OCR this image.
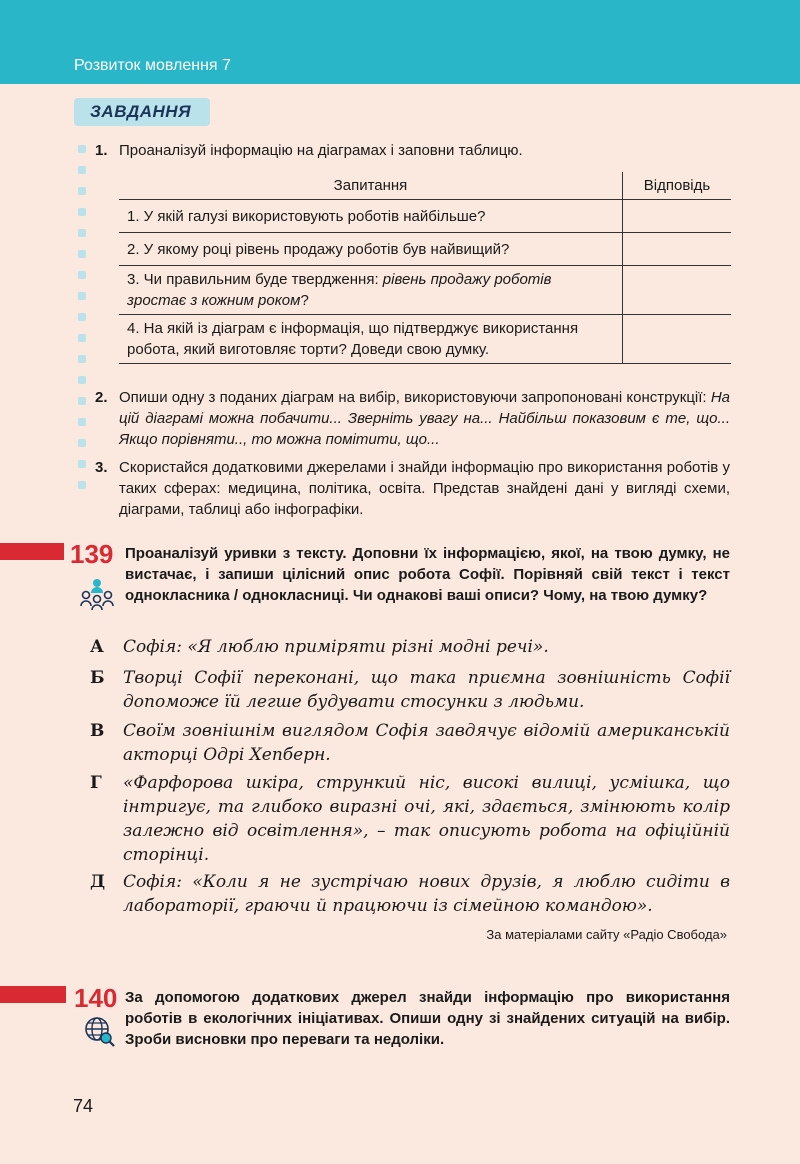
Розвиток мовлення 7
ЗАВДАННЯ
1. Проаналізуй інформацію на діаграмах і заповни таблицю.
Запитання	Відповідь
1. У якій галузі використовують роботів найбільше?	
2. У якому році рівень продажу роботів був найвищий?	
3. Чи правильним буде твердження: рівень продажу роботів зростає з кожним роком?	
4. На якій із діаграм є інформація, що підтверджує використання робота, який виготовляє торти? Доведи свою думку.	
2. Опиши одну з поданих діаграм на вибір, використовуючи запропоновані конструкції: На цій діаграмі можна побачити... Зверніть увагу на... Найбільш показовим є те, що... Якщо порівняти.., то можна помітити, що...
3. Скористайся додатковими джерелами і знайди інформацію про використання роботів у таких сферах: медицина, політика, освіта. Представ знайдені дані у вигляді схеми, діаграми, таблиці або інфографіки.
139 Проаналізуй уривки з тексту. Доповни їх інформацією, якої, на твою думку, не вистачає, і запиши цілісний опис робота Софії. Порівняй свій текст і текст однокласника / однокласниці. Чи однакові ваші описи? Чому, на твою думку?
А Софія: «Я люблю приміряти різні модні речі».
Б Творці Софії переконані, що така приємна зовнішність Софії допоможе їй легше будувати стосунки з людьми.
В Своїм зовнішнім виглядом Софія завдячує відомій американській акторці Одрі Хепберн.
Г «Фарфорова шкіра, стрункий ніс, високі вилиці, усмішка, що інтригує, та глибоко виразні очі, які, здається, змінюють колір залежно від освітлення», – так описують робота на офіційній сторінці.
Д Софія: «Коли я не зустрічаю нових друзів, я люблю сидіти в лабораторії, граючи й працюючи із сімейною командою».
За матеріалами сайту «Радіо Свобода»
140 За допомогою додаткових джерел знайди інформацію про використання роботів в екологічних ініціативах. Опиши одну зі знайдених ситуацій на вибір. Зроби висновки про переваги та недоліки.
74
